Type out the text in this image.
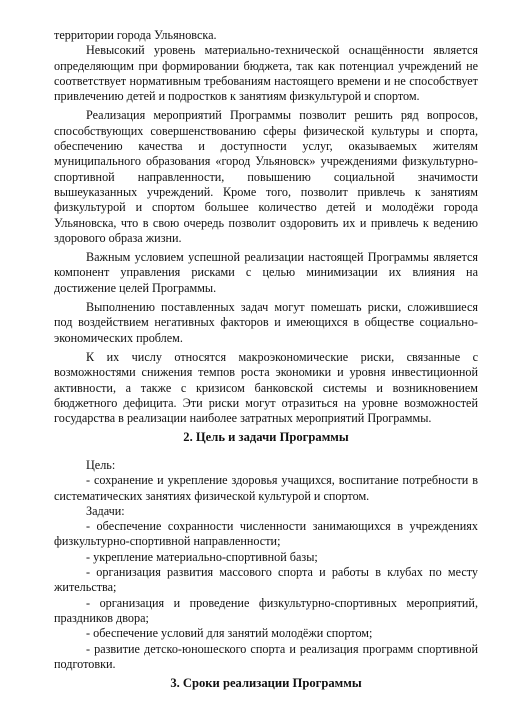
территории города Ульяновска.

Невысокий уровень материально-технической оснащённости является определяющим при формировании бюджета, так как потенциал учреждений не соответствует нормативным требованиям настоящего времени и не способствует привлечению детей и подростков к занятиям физкультурой и спортом.

Реализация мероприятий Программы позволит решить ряд вопросов, способствующих совершенствованию сферы физической культуры и спорта, обеспечению качества и доступности услуг, оказываемых жителям муниципального образования «город Ульяновск» учреждениями физкультурно-спортивной направленности, повышению социальной значимости вышеуказанных учреждений. Кроме того, позволит привлечь к занятиям физкультурой и спортом большее количество детей и молодёжи города Ульяновска, что в свою очередь позволит оздоровить их и привлечь к ведению здорового образа жизни.

Важным условием успешной реализации настоящей Программы является компонент управления рисками с целью минимизации их влияния на достижение целей Программы.

Выполнению поставленных задач могут помешать риски, сложившиеся под воздействием негативных факторов и имеющихся в обществе социально-экономических проблем.

К их числу относятся макроэкономические риски, связанные с возможностями снижения темпов роста экономики и уровня инвестиционной активности, а также с кризисом банковской системы и возникновением бюджетного дефицита. Эти риски могут отразиться на уровне возможностей государства в реализации наиболее затратных мероприятий Программы.

2. Цель и задачи Программы

Цель:

- сохранение и укрепление здоровья учащихся, воспитание потребности в систематических занятиях физической культурой и спортом.

Задачи:

- обеспечение сохранности численности занимающихся в учреждениях физкультурно-спортивной направленности;

- укрепление материально-спортивной базы;

- организация развития массового спорта и работы в клубах по месту жительства;

- организация и проведение физкультурно-спортивных мероприятий, праздников двора;

- обеспечение условий для занятий молодёжи спортом;

- развитие детско-юношеского спорта и реализация программ спортивной подготовки.

3. Сроки реализации Программы
